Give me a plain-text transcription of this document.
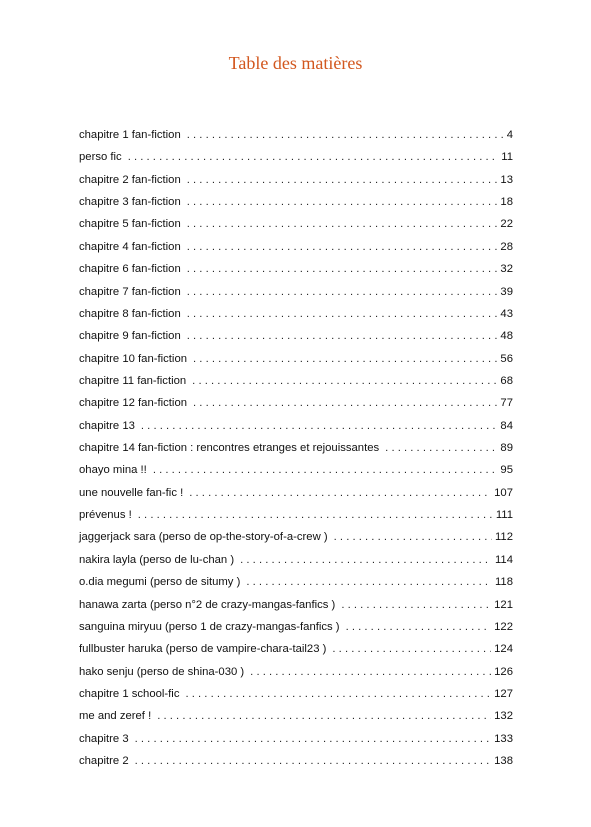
Table des matières
chapitre 1 fan-fiction . . .	4
perso fic . . .	11
chapitre 2 fan-fiction . . .	13
chapitre 3 fan-fiction . . .	18
chapitre 5 fan-fiction . . .	22
chapitre 4 fan-fiction . . .	28
chapitre 6 fan-fiction . . .	32
chapitre 7 fan-fiction . . .	39
chapitre 8 fan-fiction . . .	43
chapitre 9 fan-fiction . . .	48
chapitre 10 fan-fiction . . .	56
chapitre 11 fan-fiction . . .	68
chapitre 12 fan-fiction . . .	77
chapitre 13 . . .	84
chapitre 14 fan-fiction : rencontres etranges et rejouissantes . . .	89
ohayo mina !! . . .	95
une nouvelle fan-fic ! . . .	107
prévenus ! . . .	111
jaggerjack sara (perso de op-the-story-of-a-crew ) . . .	112
nakira layla (perso de lu-chan ) . . .	114
o.dia megumi (perso de situmy ) . . .	118
hanawa zarta (perso n°2 de crazy-mangas-fanfics ) . . .	121
sanguina miryuu (perso 1 de crazy-mangas-fanfics ) . . .	122
fullbuster haruka (perso de vampire-chara-tail23 ) . . .	124
hako senju (perso de shina-030 ) . . .	126
chapitre 1 school-fic . . .	127
me and zeref ! . . .	132
chapitre 3 . . .	133
chapitre 2 . . .	138
